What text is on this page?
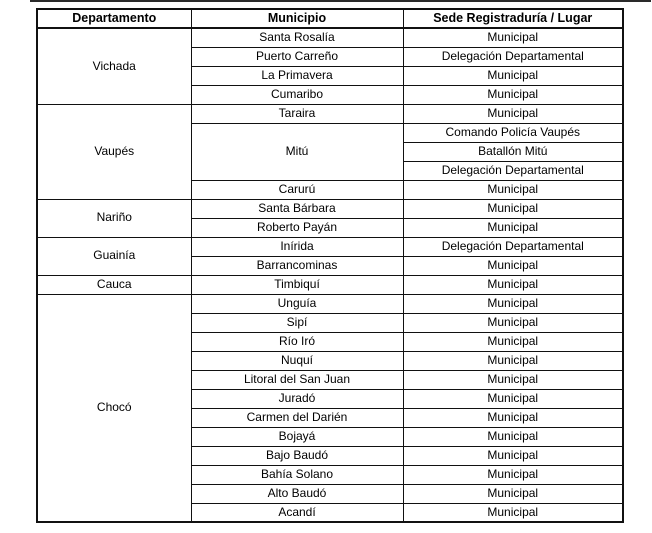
Departamento	Municipio	Sede Registraduría / Lugar
Vichada	Santa Rosalía	Municipal
	Puerto Carreño	Delegación Departamental
	La Primavera	Municipal
	Cumaribo	Municipal
Vaupés	Taraira	Municipal
	Mitú	Comando Policía Vaupés
		Batallón Mitú
		Delegación Departamental
	Carurú	Municipal
Nariño	Santa Bárbara	Municipal
	Roberto Payán	Municipal
Guainía	Inírida	Delegación Departamental
	Barrancominas	Municipal
Cauca	Timbiquí	Municipal
Chocó	Unguía	Municipal
	Sipí	Municipal
	Río Iró	Municipal
	Nuquí	Municipal
	Litoral del San Juan	Municipal
	Juradó	Municipal
	Carmen del Darién	Municipal
	Bojayá	Municipal
	Bajo Baudó	Municipal
	Bahía Solano	Municipal
	Alto Baudó	Municipal
	Acandí	Municipal
